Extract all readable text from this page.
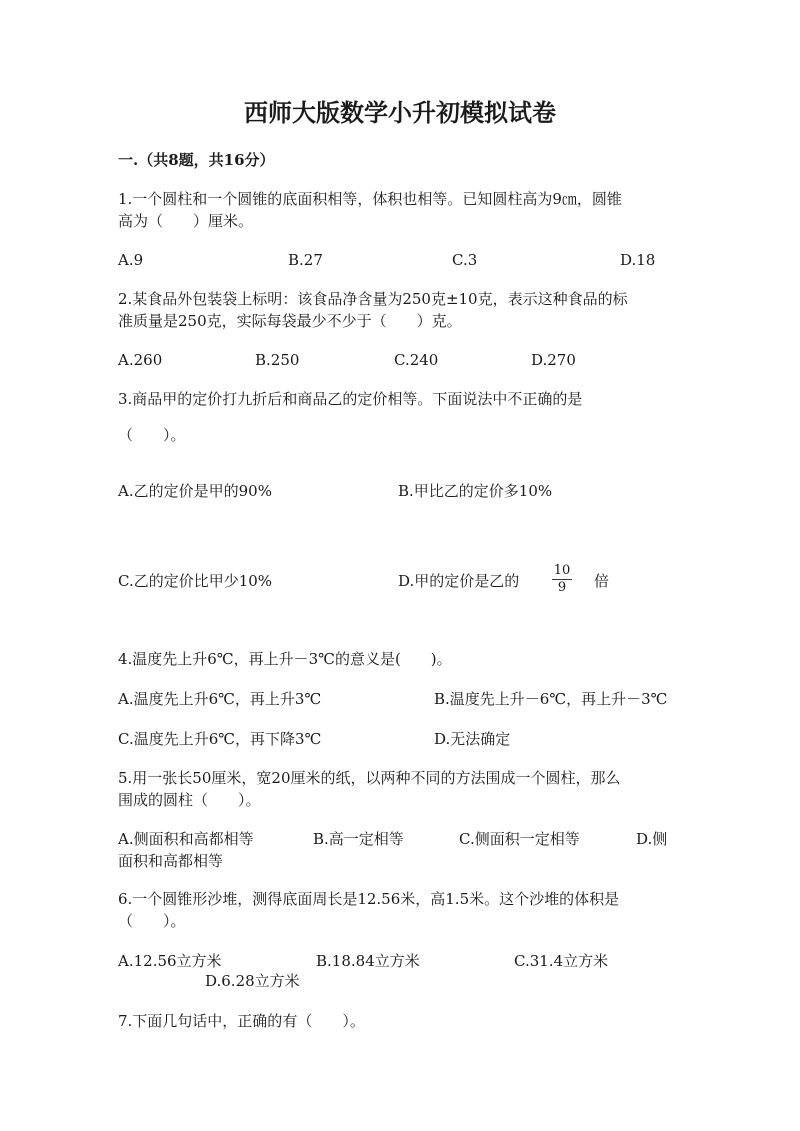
西师大版数学小升初模拟试卷
一.（共8题，共16分）
1.一个圆柱和一个圆锥的底面积相等，体积也相等。已知圆柱高为9㎝，圆锥
高为（　　）厘米。
A.9	B.27	C.3	D.18
2.某食品外包装袋上标明：该食品净含量为250克±10克，表示这种食品的标
准质量是250克，实际每袋最少不少于（　　）克。
A.260	B.250	C.240	D.270
3.商品甲的定价打九折后和商品乙的定价相等。下面说法中不正确的是
（　　）。
A.乙的定价是甲的90%	B.甲比乙的定价多10%
C.乙的定价比甲少10%	D.甲的定价是乙的	$\frac{10}{9}$ 倍
4.温度先上升6℃，再上升－3℃的意义是(　　)。
A.温度先上升6℃，再上升3℃	B.温度先上升－6℃，再上升－3℃
C.温度先上升6℃，再下降3℃	D.无法确定
5.用一张长50厘米，宽20厘米的纸，以两种不同的方法围成一个圆柱，那么
围成的圆柱（　　）。
A.侧面积和高都相等	B.高一定相等	C.侧面积一定相等	D.侧
面积和高都相等
6.一个圆锥形沙堆，测得底面周长是12.56米，高1.5米。这个沙堆的体积是
（　　）。
A.12.56立方米	B.18.84立方米	C.31.4立方米
D.6.28立方米
7.下面几句话中，正确的有（　　）。
